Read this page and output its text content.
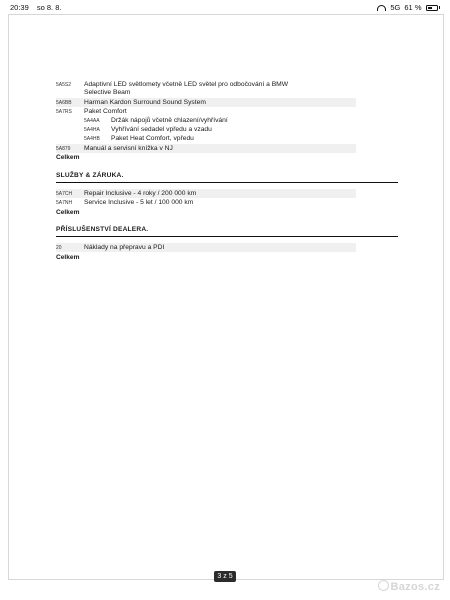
20:39 so 8. 8.	5G 61 %
5A5S2 Adaptivní LED světlomety včetně LED světel pro odbočování a BMW
Selective Beam
5A6BB Harman Kardon Surround Sound System
5A7RS Paket Comfort
5A4AA Držák nápojů včetně chlazení/vyhřívání
5A4HA Vyhřívání sedadel vpředu a vzadu
5A4HB Paket Heat Comfort, vpředu
5A879 Manuál a servisní knížka v NJ
Celkem
SLUŽBY & ZÁRUKA.
5A7CH Repair Inclusive - 4 roky / 200 000 km
5A7NH Service Inclusive - 5 let / 100 000 km
Celkem
PŘÍSLUŠENSTVÍ DEALERA.
20	Náklady na přepravu a PDI
Celkem
3 z 5
Bazos.cz
